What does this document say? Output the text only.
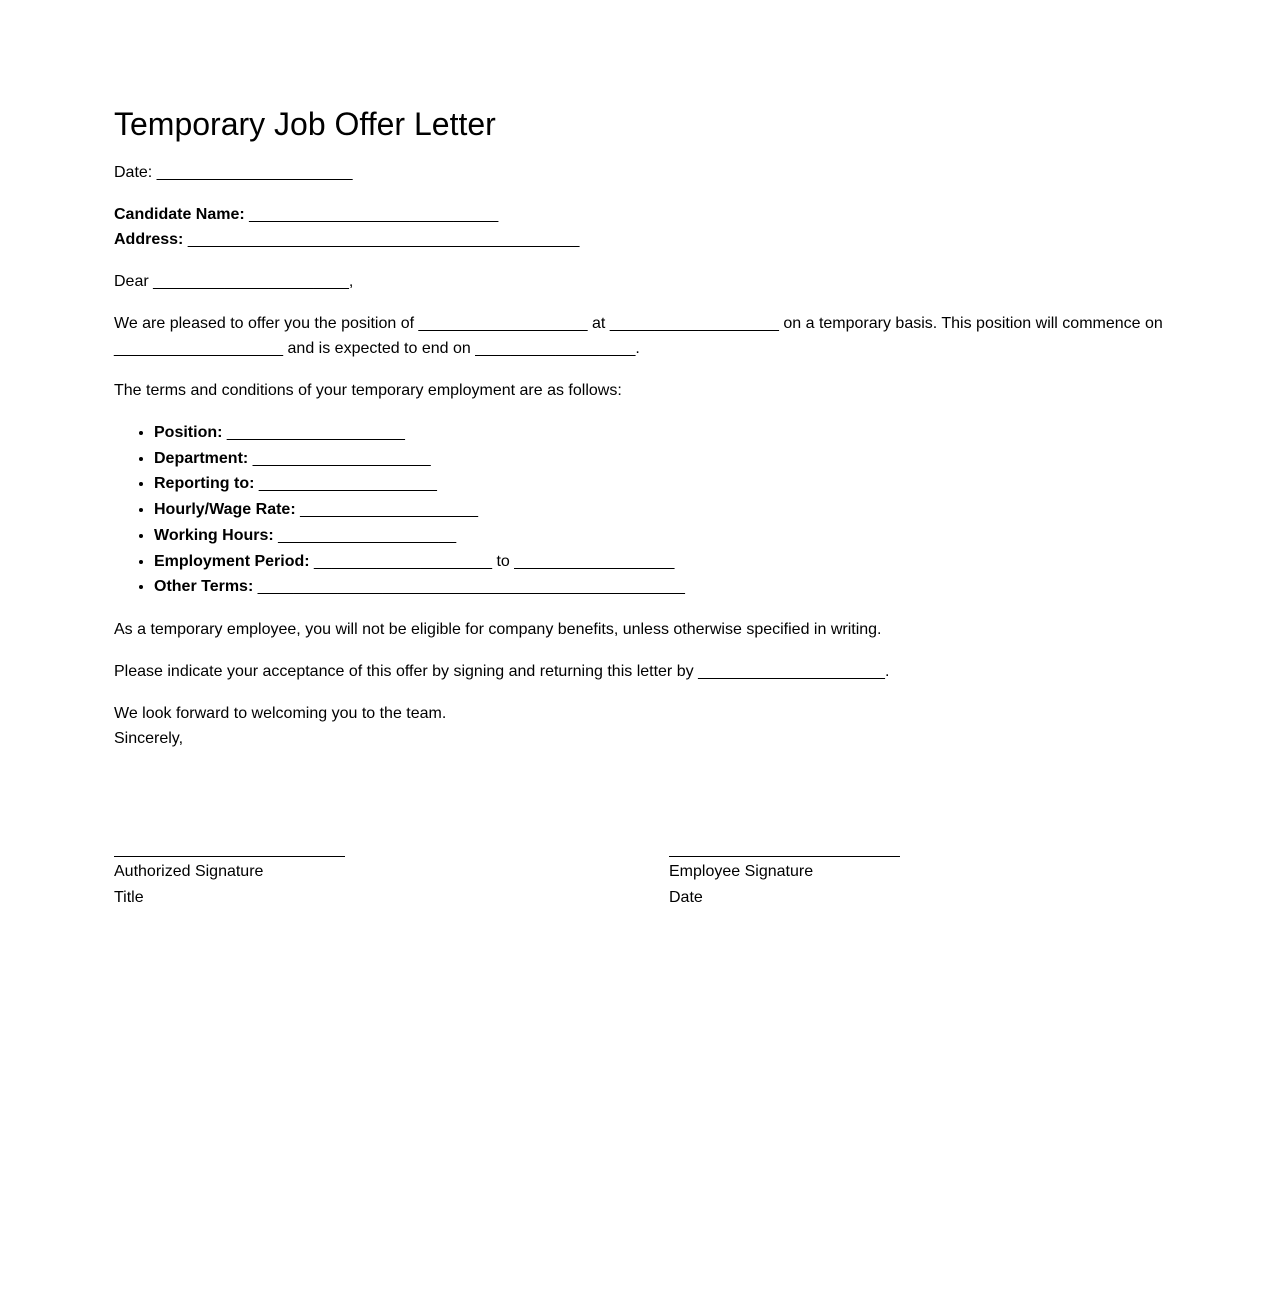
Temporary Job Offer Letter

Date: ______________________

Candidate Name: ____________________________
Address: ____________________________________________

Dear ______________________,

We are pleased to offer you the position of ___________________ at ___________________ on a temporary basis. This position will commence on ___________________ and is expected to end on __________________.

The terms and conditions of your temporary employment are as follows:

• Position: ____________________
• Department: ____________________
• Reporting to: ____________________
• Hourly/Wage Rate: ____________________
• Working Hours: ____________________
• Employment Period: ____________________ to __________________
• Other Terms: ________________________________________________

As a temporary employee, you will not be eligible for company benefits, unless otherwise specified in writing.

Please indicate your acceptance of this offer by signing and returning this letter by _____________________.

We look forward to welcoming you to the team.
Sincerely,

Authorized Signature
Title
Employee Signature
Date
